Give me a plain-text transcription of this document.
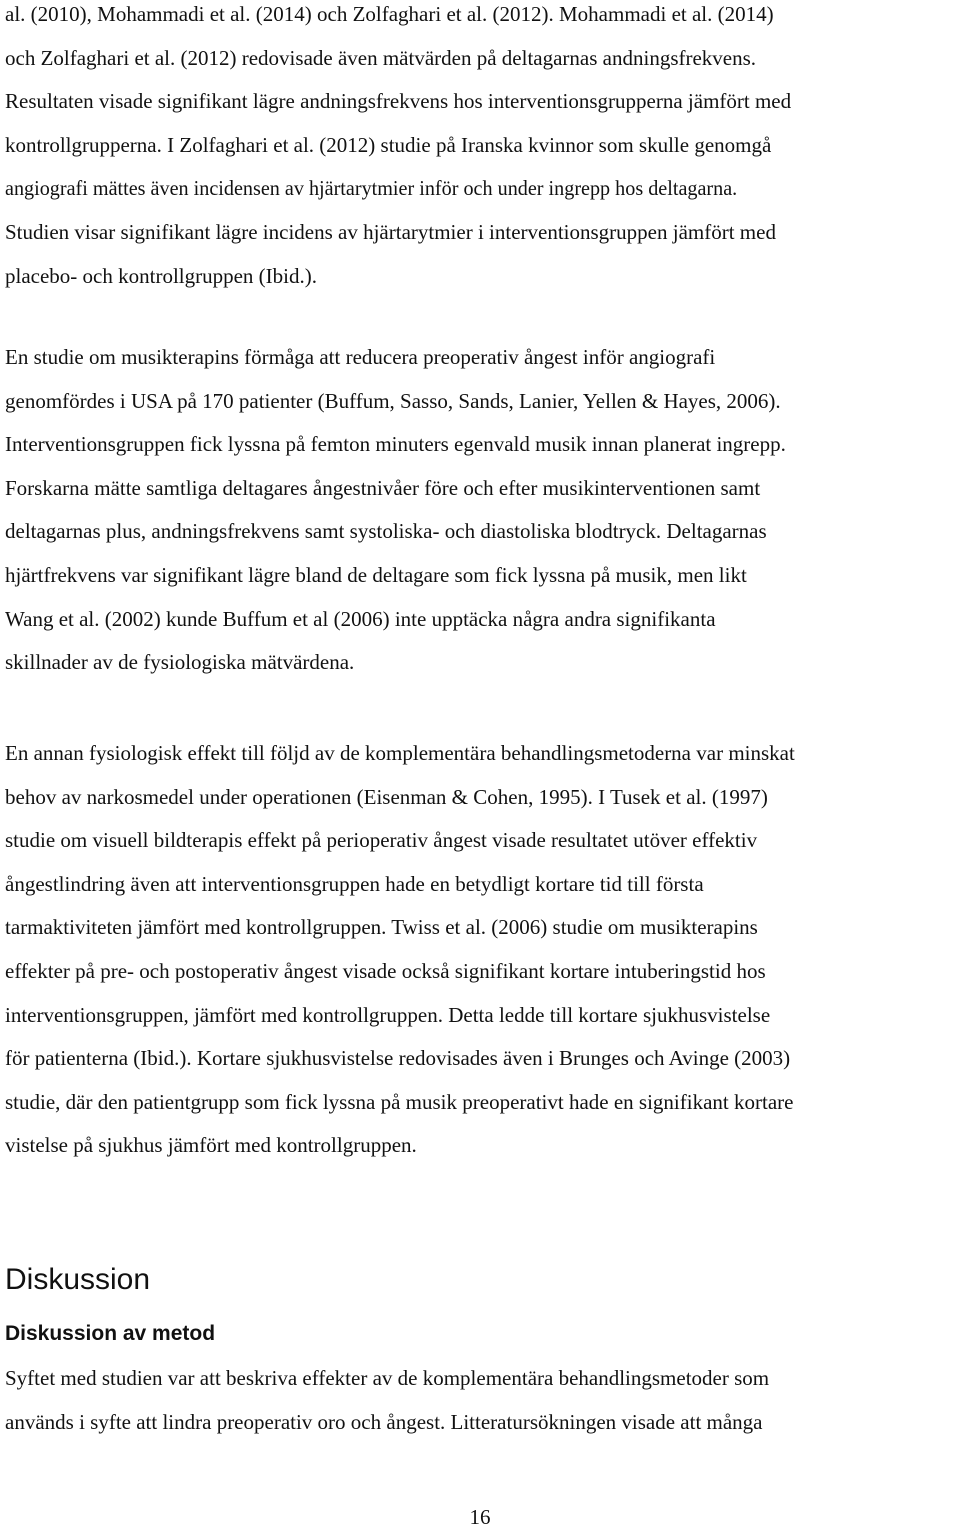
al. (2010), Mohammadi et al. (2014) och Zolfaghari et al. (2012). Mohammadi et al. (2014)
och Zolfaghari et al. (2012) redovisade även mätvärden på deltagarnas andningsfrekvens.
Resultaten visade signifikant lägre andningsfrekvens hos interventionsgrupperna jämfört med
kontrollgrupperna. I Zolfaghari et al. (2012) studie på Iranska kvinnor som skulle genomgå
angiografi mättes även incidensen av hjärtarytmier inför och under ingrepp hos deltagarna.
Studien visar signifikant lägre incidens av hjärtarytmier i interventionsgruppen jämfört med
placebo- och kontrollgruppen (Ibid.).

En studie om musikterapins förmåga att reducera preoperativ ångest inför angiografi
genomfördes i USA på 170 patienter (Buffum, Sasso, Sands, Lanier, Yellen & Hayes, 2006).
Interventionsgruppen fick lyssna på femton minuters egenvald musik innan planerat ingrepp.
Forskarna mätte samtliga deltagares ångestnivåer före och efter musikinterventionen samt
deltagarnas plus, andningsfrekvens samt systoliska- och diastoliska blodtryck. Deltagarnas
hjärtfrekvens var signifikant lägre bland de deltagare som fick lyssna på musik, men likt
Wang et al. (2002) kunde Buffum et al (2006) inte upptäcka några andra signifikanta
skillnader av de fysiologiska mätvärdena.

En annan fysiologisk effekt till följd av de komplementära behandlingsmetoderna var minskat
behov av narkosmedel under operationen (Eisenman & Cohen, 1995). I Tusek et al. (1997)
studie om visuell bildterapis effekt på perioperativ ångest visade resultatet utöver effektiv
ångestlindring även att interventionsgruppen hade en betydligt kortare tid till första
tarmaktiviteten jämfört med kontrollgruppen. Twiss et al. (2006) studie om musikterapins
effekter på pre- och postoperativ ångest visade också signifikant kortare intuberingstid hos
interventionsgruppen, jämfört med kontrollgruppen. Detta ledde till kortare sjukhusvistelse
för patienterna (Ibid.). Kortare sjukhusvistelse redovisades även i Brunges och Avinge (2003)
studie, där den patientgrupp som fick lyssna på musik preoperativt hade en signifikant kortare
vistelse på sjukhus jämfört med kontrollgruppen.

Diskussion
Diskussion av metod

Syftet med studien var att beskriva effekter av de komplementära behandlingsmetoder som
används i syfte att lindra preoperativ oro och ångest. Litteratursökningen visade att många

16
